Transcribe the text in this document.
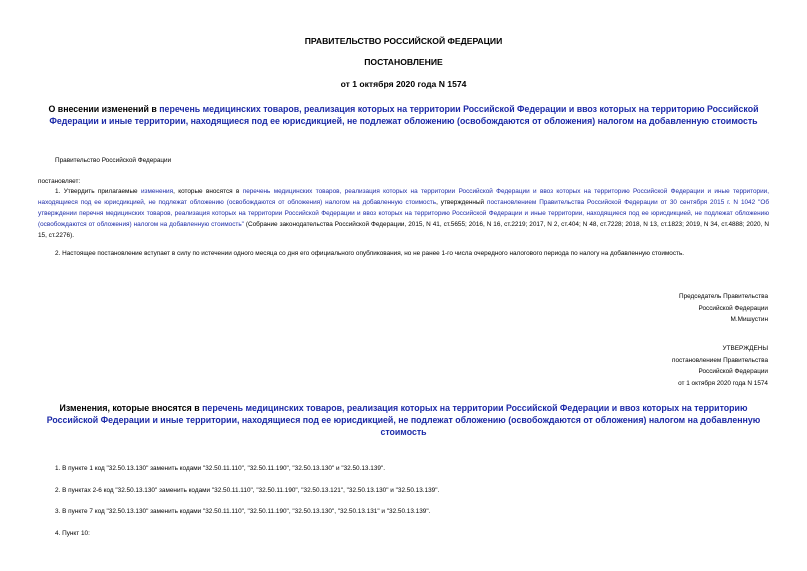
ПРАВИТЕЛЬСТВО РОССИЙСКОЙ ФЕДЕРАЦИИ
ПОСТАНОВЛЕНИЕ
от 1 октября 2020 года N 1574
О внесении изменений в перечень медицинских товаров, реализация которых на территории Российской Федерации и ввоз которых на территорию Российской Федерации и иные территории, находящиеся под ее юрисдикцией, не подлежат обложению (освобождаются от обложения) налогом на добавленную стоимость
Правительство Российской Федерации
постановляет:
1. Утвердить прилагаемые изменения, которые вносятся в перечень медицинских товаров, реализация которых на территории Российской Федерации и ввоз которых на территорию Российской Федерации и иные территории, находящиеся под ее юрисдикцией, не подлежат обложению (освобождаются от обложения) налогом на добавленную стоимость, утвержденный постановлением Правительства Российской Федерации от 30 сентября 2015 г. N 1042 "Об утверждении перечня медицинских товаров, реализация которых на территории Российской Федерации и ввоз которых на территорию Российской Федерации и иные территории, находящиеся под ее юрисдикцией, не подлежат обложению (освобождаются от обложения) налогом на добавленную стоимость" (Собрание законодательства Российской Федерации, 2015, N 41, ст.5655; 2016, N 16, ст.2219; 2017, N 2, ст.404; N 48, ст.7228; 2018, N 13, ст.1823; 2019, N 34, ст.4888; 2020, N 15, ст.2276).
2. Настоящее постановление вступает в силу по истечении одного месяца со дня его официального опубликования, но не ранее 1-го числа очередного налогового периода по налогу на добавленную стоимость.
Председатель Правительства
Российской Федерации
М.Мишустин
УТВЕРЖДЕНЫ
постановлением Правительства
Российской Федерации
от 1 октября 2020 года N 1574
Изменения, которые вносятся в перечень медицинских товаров, реализация которых на территории Российской Федерации и ввоз которых на территорию Российской Федерации и иные территории, находящиеся под ее юрисдикцией, не подлежат обложению (освобождаются от обложения) налогом на добавленную стоимость
1. В пункте 1 код "32.50.13.130" заменить кодами "32.50.11.110", "32.50.11.190", "32.50.13.130" и "32.50.13.139".
2. В пунктах 2-6 код "32.50.13.130" заменить кодами "32.50.11.110", "32.50.11.190", "32.50.13.121", "32.50.13.130" и "32.50.13.139".
3. В пункте 7 код "32.50.13.130" заменить кодами "32.50.11.110", "32.50.11.190", "32.50.13.130", "32.50.13.131" и "32.50.13.139".
4. Пункт 10:
